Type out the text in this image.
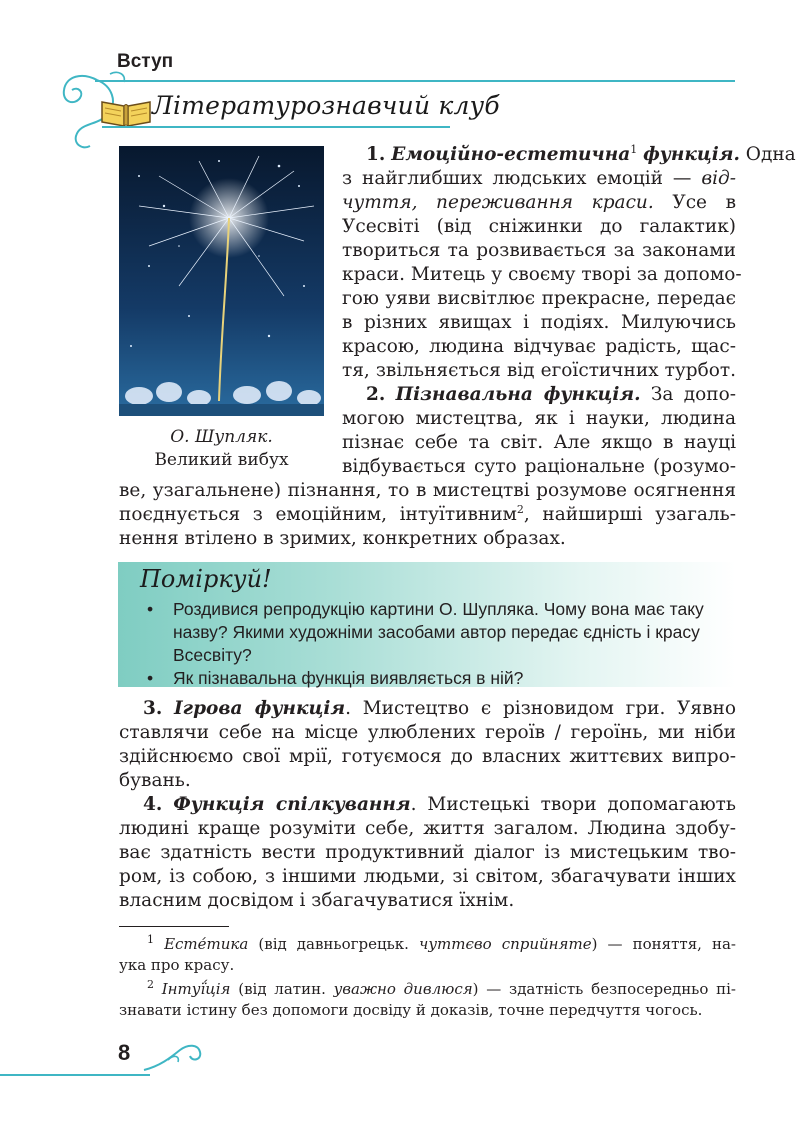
Вступ
Літературознавчий клуб
О. Шупляк.
Великий вибух
1. Емоційно-естетична$^1$ функція. Одна
з найглибших людських емоцій — від-
чуття, переживання краси. Усе в
Усесвіті (від сніжинки до галактик)
твориться та розвивається за законами
краси. Митець у своєму творі за допомо-
гою уяви висвітлює прекрасне, передає
в різних явищах і подіях. Милуючись
красою, людина відчуває радість, щас-
тя, звільняється від егоїстичних турбот.
2. Пізнавальна функція. За допо-
могою мистецтва, як і науки, людина
пізнає себе та світ. Але якщо в науці
відбувається суто раціональне (розумо-
ве, узагальнене) пізнання, то в мистецтві розумове осягнення
поєднується з емоційним, інтуїтивним$^2$, найширші узагаль-
нення втілено в зримих, конкретних образах.
Поміркуй!
• Роздивися репродукцію картини О. Шупляка. Чому вона має таку назву? Якими художніми засобами автор передає єдність і красу Всесвіту?
• Як пізнавальна функція виявляється в ній?
3. Ігрова функція. Мистецтво є різновидом гри. Уявно
ставлячи себе на місце улюблених героїв / героїнь, ми ніби
здійснюємо свої мрії, готуємося до власних життєвих випро-
бувань.
4. Функція спілкування. Мистецькі твори допомагають
людині краще розуміти себе, життя загалом. Людина здобу-
ває здатність вести продуктивний діалог із мистецьким тво-
ром, із собою, з іншими людьми, зі світом, збагачувати інших
власним досвідом і збагачуватися їхнім.
$^1$ Есте́тика (від давньогрецьк. чуттєво сприйняте) — поняття, на-
ука про красу.
$^2$ Інтуї́ція (від латин. уважно дивлюся) — здатність безпосередньо пі-
знавати істину без допомоги досвіду й доказів, точне передчуття чогось.
8
